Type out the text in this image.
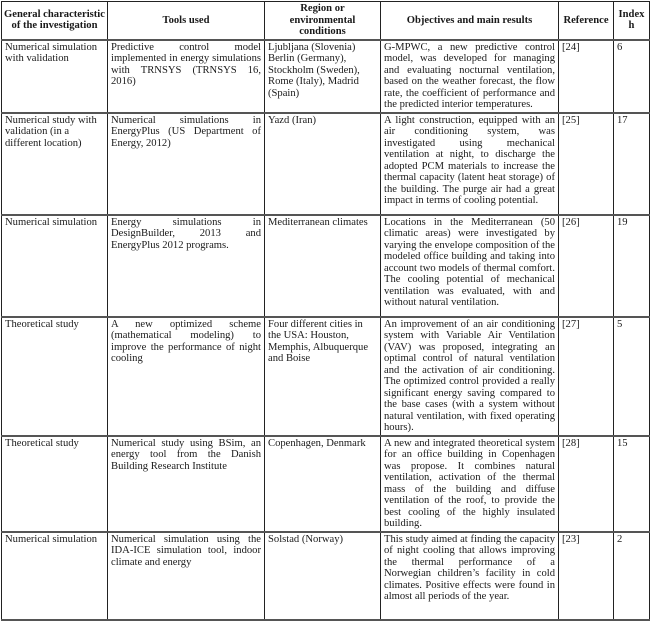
General characteristic of the investigation	Tools used	Region or environmental conditions	Objectives and main results	Reference	Index h
Numerical simulation with validation	Predictive control model implemented in energy simulations with TRNSYS (TRNSYS 16, 2016)	Ljubljana (Slovenia) Berlin (Germany), Stockholm (Sweden), Rome (Italy), Madrid (Spain)	G-MPWC, a new predictive control model, was developed for managing and evaluating nocturnal ventilation, based on the weather forecast, the flow rate, the coefficient of performance and the predicted interior temperatures.	[24]	6
Numerical study with validation (in a different location)	Numerical simulations in EnergyPlus (US Department of Energy, 2012)	Yazd (Iran)	A light construction, equipped with an air conditioning system, was investigated using mechanical ventilation at night, to discharge the adopted PCM materials to increase the thermal capacity (latent heat storage) of the building. The purge air had a great impact in terms of cooling potential.	[25]	17
Numerical simulation	Energy simulations in DesignBuilder, 2013 and EnergyPlus 2012 programs.	Mediterranean climates	Locations in the Mediterranean (50 climatic areas) were investigated by varying the envelope composition of the modeled office building and taking into account two models of thermal comfort. The cooling potential of mechanical ventilation was evaluated, with and without natural ventilation.	[26]	19
Theoretical study	A new optimized scheme (mathematical modeling) to improve the performance of night cooling	Four different cities in the USA: Houston, Memphis, Albuquerque and Boise	An improvement of an air conditioning system with Variable Air Ventilation (VAV) was proposed, integrating an optimal control of natural ventilation and the activation of air conditioning. The optimized control provided a really significant energy saving compared to the base cases (with a system without natural ventilation, with fixed operating hours).	[27]	5
Theoretical study	Numerical study using BSim, an energy tool from the Danish Building Research Institute	Copenhagen, Denmark	A new and integrated theoretical system for an office building in Copenhagen was propose. It combines natural ventilation, activation of the thermal mass of the building and diffuse ventilation of the roof, to provide the best cooling of the highly insulated building.	[28]	15
Numerical simulation	Numerical simulation using the IDA-ICE simulation tool, indoor climate and energy	Solstad (Norway)	This study aimed at finding the capacity of night cooling that allows improving the thermal performance of a Norwegian children’s facility in cold climates. Positive effects were found in almost all periods of the year.	[23]	2
